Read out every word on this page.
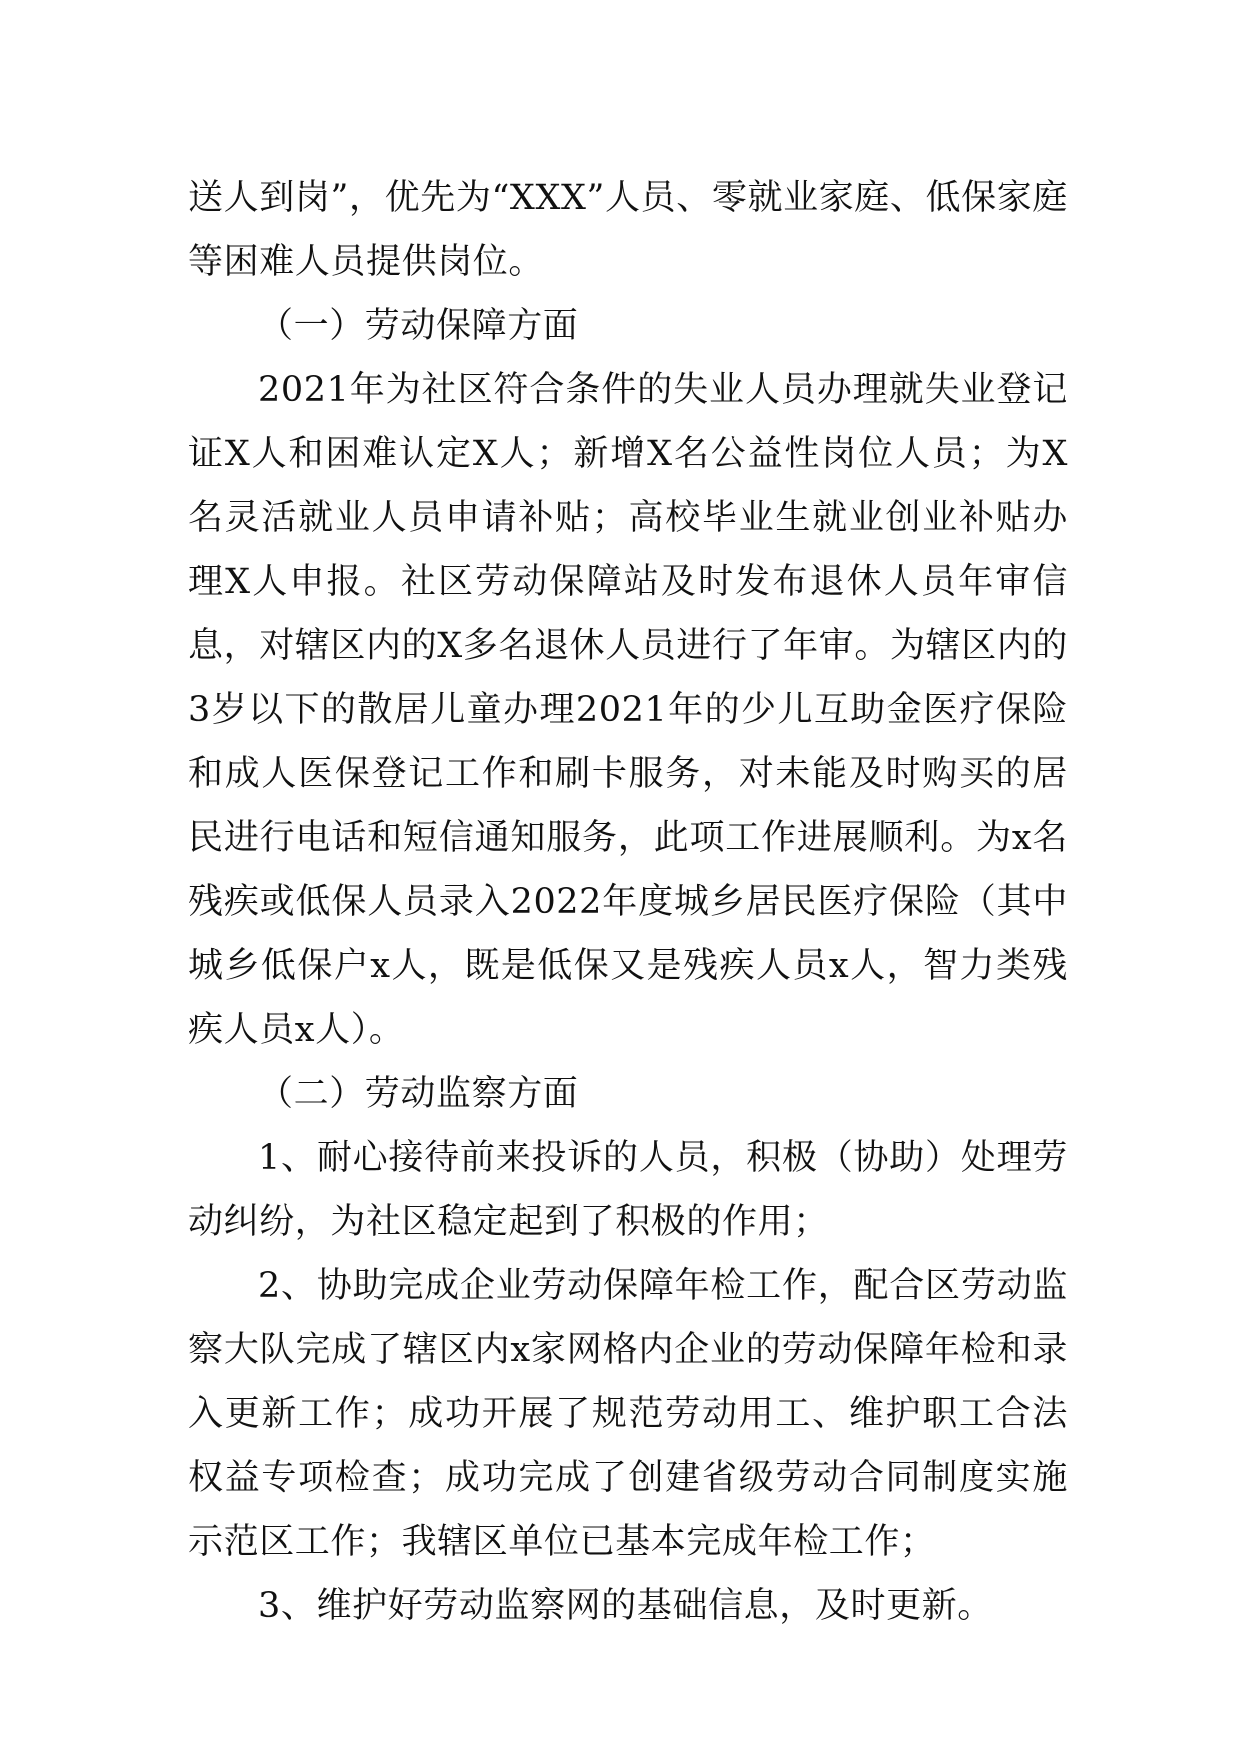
送人到岗”，优先为“XXX”人员、零就业家庭、低保家庭等困难人员提供岗位。

（一）劳动保障方面

2021年为社区符合条件的失业人员办理就失业登记证X人和困难认定X人；新增X名公益性岗位人员；为X名灵活就业人员申请补贴；高校毕业生就业创业补贴办理X人申报。社区劳动保障站及时发布退休人员年审信息，对辖区内的X多名退休人员进行了年审。为辖区内的3岁以下的散居儿童办理2021年的少儿互助金医疗保险和成人医保登记工作和刷卡服务，对未能及时购买的居民进行电话和短信通知服务，此项工作进展顺利。为x名残疾或低保人员录入2022年度城乡居民医疗保险（其中城乡低保户x人，既是低保又是残疾人员x人，智力类残疾人员x人）。

（二）劳动监察方面

1、耐心接待前来投诉的人员，积极（协助）处理劳动纠纷，为社区稳定起到了积极的作用；

2、协助完成企业劳动保障年检工作，配合区劳动监察大队完成了辖区内x家网格内企业的劳动保障年检和录入更新工作；成功开展了规范劳动用工、维护职工合法权益专项检查；成功完成了创建省级劳动合同制度实施示范区工作；我辖区单位已基本完成年检工作；

3、维护好劳动监察网的基础信息，及时更新。
